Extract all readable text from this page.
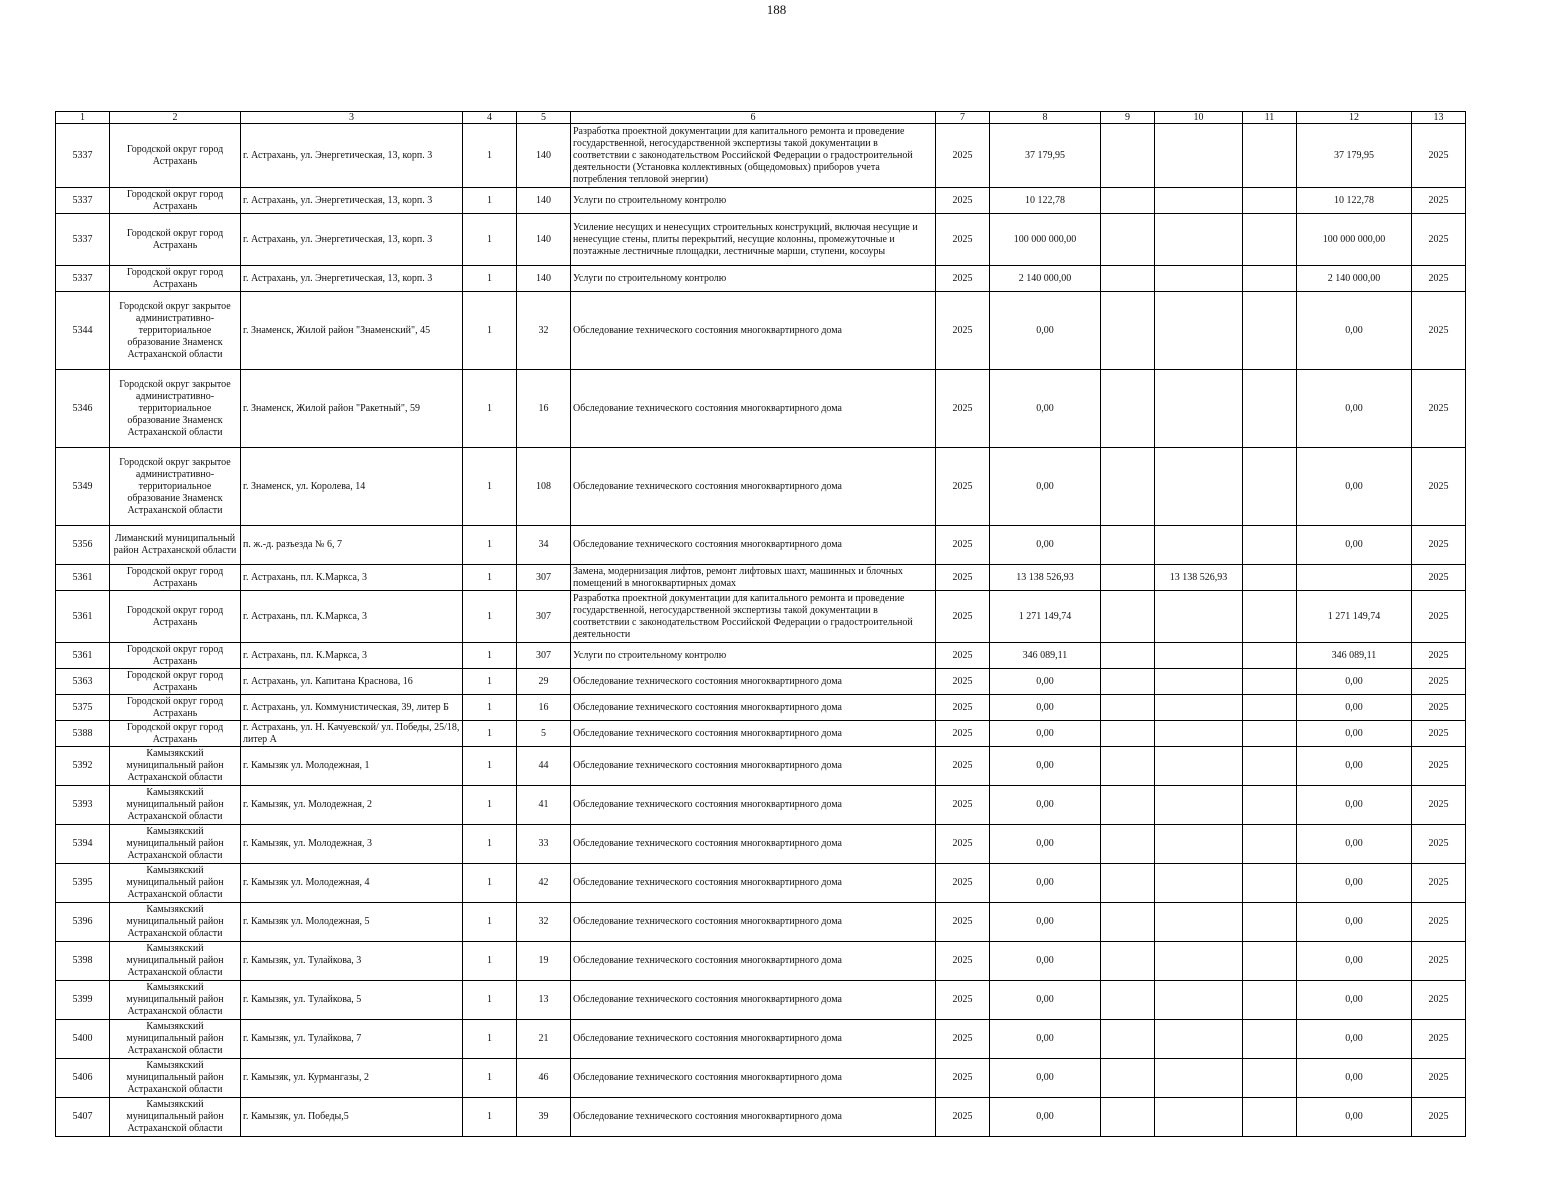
188
1	2	3	4	5	6	7	8	9	10	11	12	13
5337	Городской округ город Астрахань	г. Астрахань, ул. Энергетическая, 13, корп. 3	1	140	Разработка проектной документации для капитального ремонта и проведение государственной, негосударственной экспертизы такой документации в соответствии с законодательством Российской Федерации о градостроительной деятельности (Установка коллективных (общедомовых) приборов учета потребления тепловой энергии)	2025	37 179,95				37 179,95	2025
5337	Городской округ город Астрахань	г. Астрахань, ул. Энергетическая, 13, корп. 3	1	140	Услуги по строительному контролю	2025	10 122,78				10 122,78	2025
5337	Городской округ город Астрахань	г. Астрахань, ул. Энергетическая, 13, корп. 3	1	140	Усиление несущих и ненесущих строительных конструкций, включая несущие и ненесущие стены, плиты перекрытий, несущие колонны, промежуточные и поэтажные лестничные площадки, лестничные марши, ступени, косоуры	2025	100 000 000,00				100 000 000,00	2025
5337	Городской округ город Астрахань	г. Астрахань, ул. Энергетическая, 13, корп. 3	1	140	Услуги по строительному контролю	2025	2 140 000,00				2 140 000,00	2025
5344	Городской округ закрытое административно-территориальное образование Знаменск Астраханской области	г. Знаменск, Жилой район "Знаменский", 45	1	32	Обследование технического состояния многоквартирного дома	2025	0,00				0,00	2025
5346	Городской округ закрытое административно-территориальное образование Знаменск Астраханской области	г. Знаменск, Жилой район "Ракетный", 59	1	16	Обследование технического состояния многоквартирного дома	2025	0,00				0,00	2025
5349	Городской округ закрытое административно-территориальное образование Знаменск Астраханской области	г. Знаменск, ул. Королева, 14	1	108	Обследование технического состояния многоквартирного дома	2025	0,00				0,00	2025
5356	Лиманский муниципальный район Астраханской области	п. ж.-д. разъезда № 6, 7	1	34	Обследование технического состояния многоквартирного дома	2025	0,00				0,00	2025
5361	Городской округ город Астрахань	г. Астрахань, пл. К.Маркса, 3	1	307	Замена, модернизация лифтов, ремонт лифтовых шахт, машинных и блочных помещений в многоквартирных домах	2025	13 138 526,93		13 138 526,93			2025
5361	Городской округ город Астрахань	г. Астрахань, пл. К.Маркса, 3	1	307	Разработка проектной документации для капитального ремонта и проведение государственной, негосударственной экспертизы такой документации в соответствии с законодательством Российской Федерации о градостроительной деятельности	2025	1 271 149,74				1 271 149,74	2025
5361	Городской округ город Астрахань	г. Астрахань, пл. К.Маркса, 3	1	307	Услуги по строительному контролю	2025	346 089,11				346 089,11	2025
5363	Городской округ город Астрахань	г. Астрахань, ул. Капитана Краснова, 16	1	29	Обследование технического состояния многоквартирного дома	2025	0,00				0,00	2025
5375	Городской округ город Астрахань	г. Астрахань, ул. Коммунистическая, 39, литер Б	1	16	Обследование технического состояния многоквартирного дома	2025	0,00				0,00	2025
5388	Городской округ город Астрахань	г. Астрахань, ул. Н. Качуевской/ ул. Победы, 25/18, литер А	1	5	Обследование технического состояния многоквартирного дома	2025	0,00				0,00	2025
5392	Камызякский муниципальный район Астраханской области	г. Камызяк ул. Молодежная, 1	1	44	Обследование технического состояния многоквартирного дома	2025	0,00				0,00	2025
5393	Камызякский муниципальный район Астраханской области	г. Камызяк, ул. Молодежная, 2	1	41	Обследование технического состояния многоквартирного дома	2025	0,00				0,00	2025
5394	Камызякский муниципальный район Астраханской области	г. Камызяк, ул. Молодежная, 3	1	33	Обследование технического состояния многоквартирного дома	2025	0,00				0,00	2025
5395	Камызякский муниципальный район Астраханской области	г. Камызяк ул. Молодежная, 4	1	42	Обследование технического состояния многоквартирного дома	2025	0,00				0,00	2025
5396	Камызякский муниципальный район Астраханской области	г. Камызяк ул. Молодежная, 5	1	32	Обследование технического состояния многоквартирного дома	2025	0,00				0,00	2025
5398	Камызякский муниципальный район Астраханской области	г. Камызяк, ул. Тулайкова, 3	1	19	Обследование технического состояния многоквартирного дома	2025	0,00				0,00	2025
5399	Камызякский муниципальный район Астраханской области	г. Камызяк, ул. Тулайкова, 5	1	13	Обследование технического состояния многоквартирного дома	2025	0,00				0,00	2025
5400	Камызякский муниципальный район Астраханской области	г. Камызяк, ул. Тулайкова, 7	1	21	Обследование технического состояния многоквартирного дома	2025	0,00				0,00	2025
5406	Камызякский муниципальный район Астраханской области	г. Камызяк, ул. Курмангазы, 2	1	46	Обследование технического состояния многоквартирного дома	2025	0,00				0,00	2025
5407	Камызякский муниципальный район Астраханской области	г. Камызяк, ул. Победы,5	1	39	Обследование технического состояния многоквартирного дома	2025	0,00				0,00	2025
